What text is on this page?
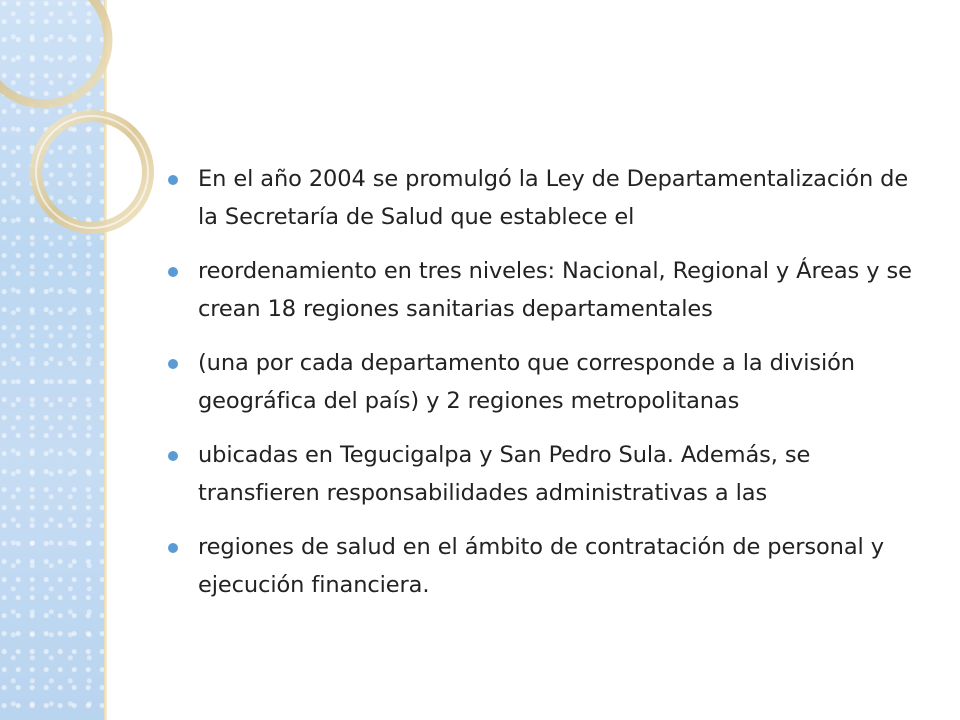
En el año 2004 se promulgó la Ley de Departamentalización de la Secretaría de Salud que establece el
reordenamiento en tres niveles: Nacional, Regional y Áreas y se crean 18 regiones sanitarias departamentales
(una por cada departamento que corresponde a la división geográfica del país) y 2 regiones metropolitanas
ubicadas en Tegucigalpa y San Pedro Sula. Además, se transfieren responsabilidades administrativas a las
regiones de salud en el ámbito de contratación de personal y ejecución financiera.
